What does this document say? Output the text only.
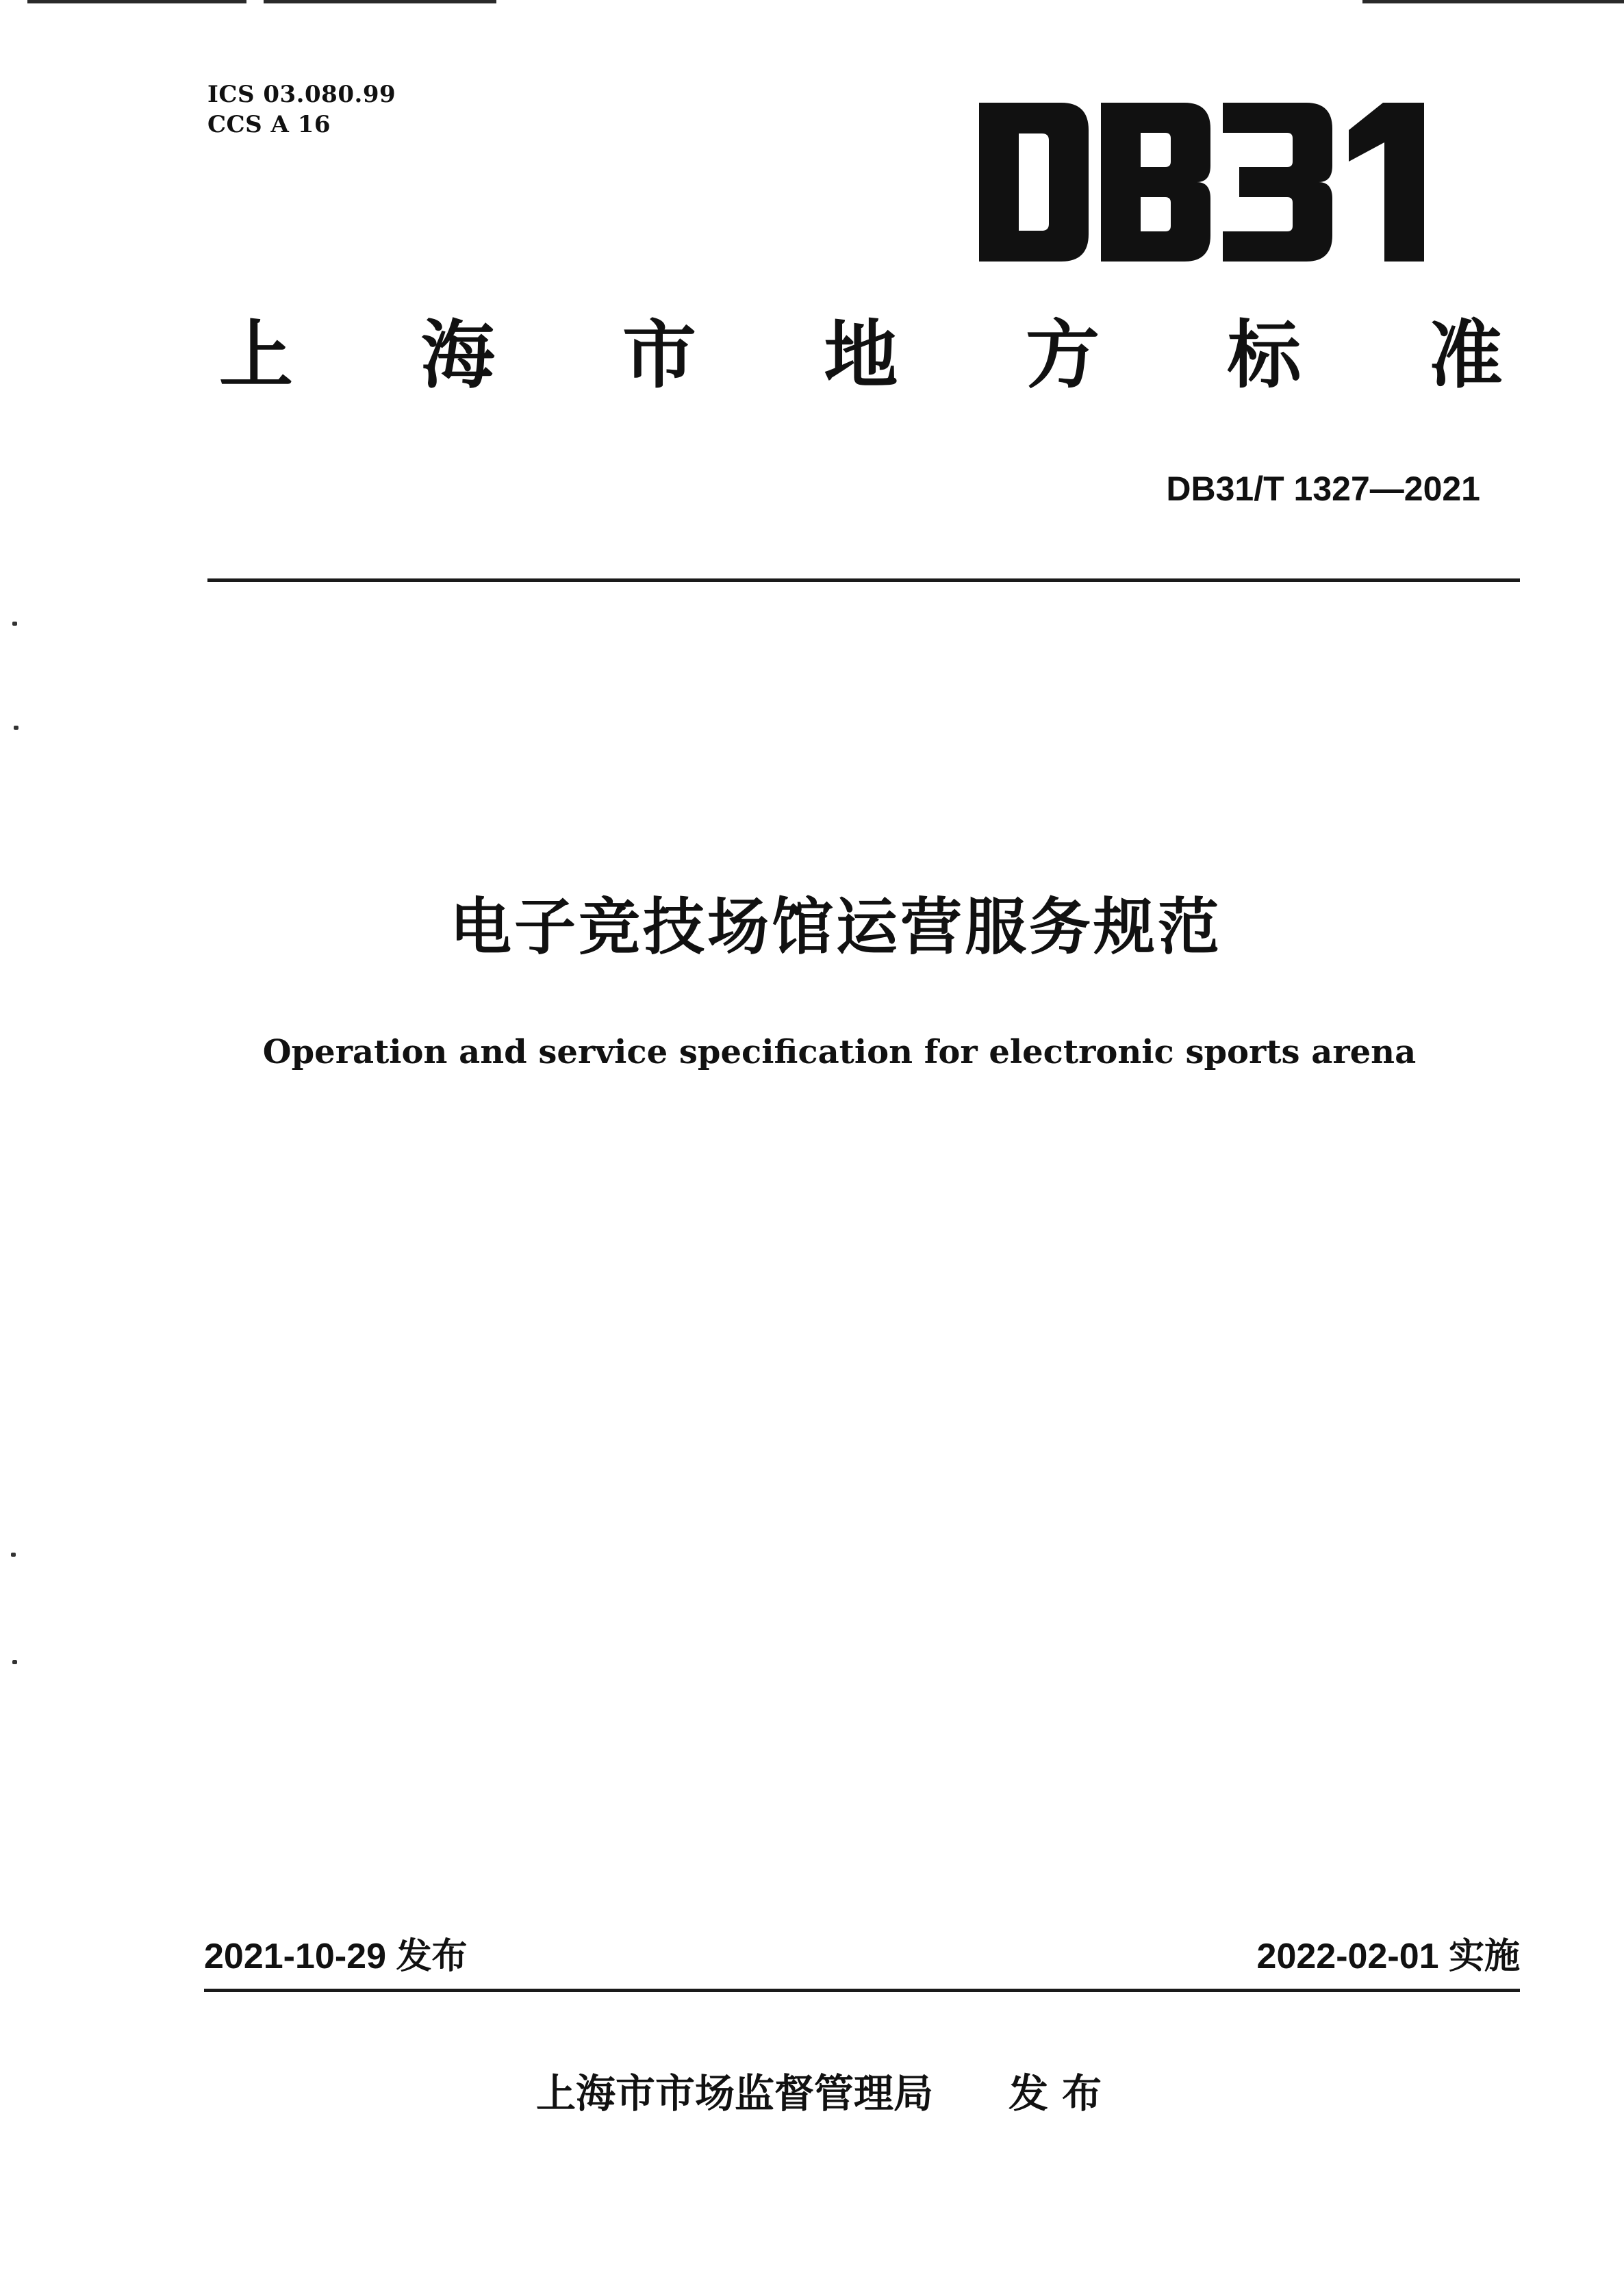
ICS 03.080.99
CCS A 16
上 海 市 地 方 标 准
DB31/T 1327—2021
电子竞技场馆运营服务规范
Operation and service specification for electronic sports arena
2021-10-29 发布	2022-02-01 实施
上海市市场监督管理局 发布
